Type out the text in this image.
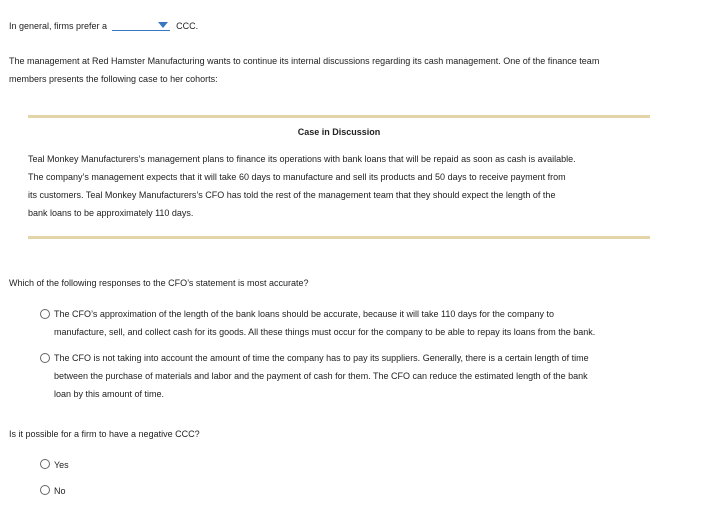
In general, firms prefer a	CCC.
The management at Red Hamster Manufacturing wants to continue its internal discussions regarding its cash management. One of the finance team
members presents the following case to her cohorts:
Case in Discussion
Teal Monkey Manufacturers’s management plans to finance its operations with bank loans that will be repaid as soon as cash is available.
The company’s management expects that it will take 60 days to manufacture and sell its products and 50 days to receive payment from
its customers. Teal Monkey Manufacturers’s CFO has told the rest of the management team that they should expect the length of the
bank loans to be approximately 110 days.
Which of the following responses to the CFO’s statement is most accurate?
The CFO’s approximation of the length of the bank loans should be accurate, because it will take 110 days for the company to
manufacture, sell, and collect cash for its goods. All these things must occur for the company to be able to repay its loans from the bank.
The CFO is not taking into account the amount of time the company has to pay its suppliers. Generally, there is a certain length of time
between the purchase of materials and labor and the payment of cash for them. The CFO can reduce the estimated length of the bank
loan by this amount of time.
Is it possible for a firm to have a negative CCC?
Yes
No
